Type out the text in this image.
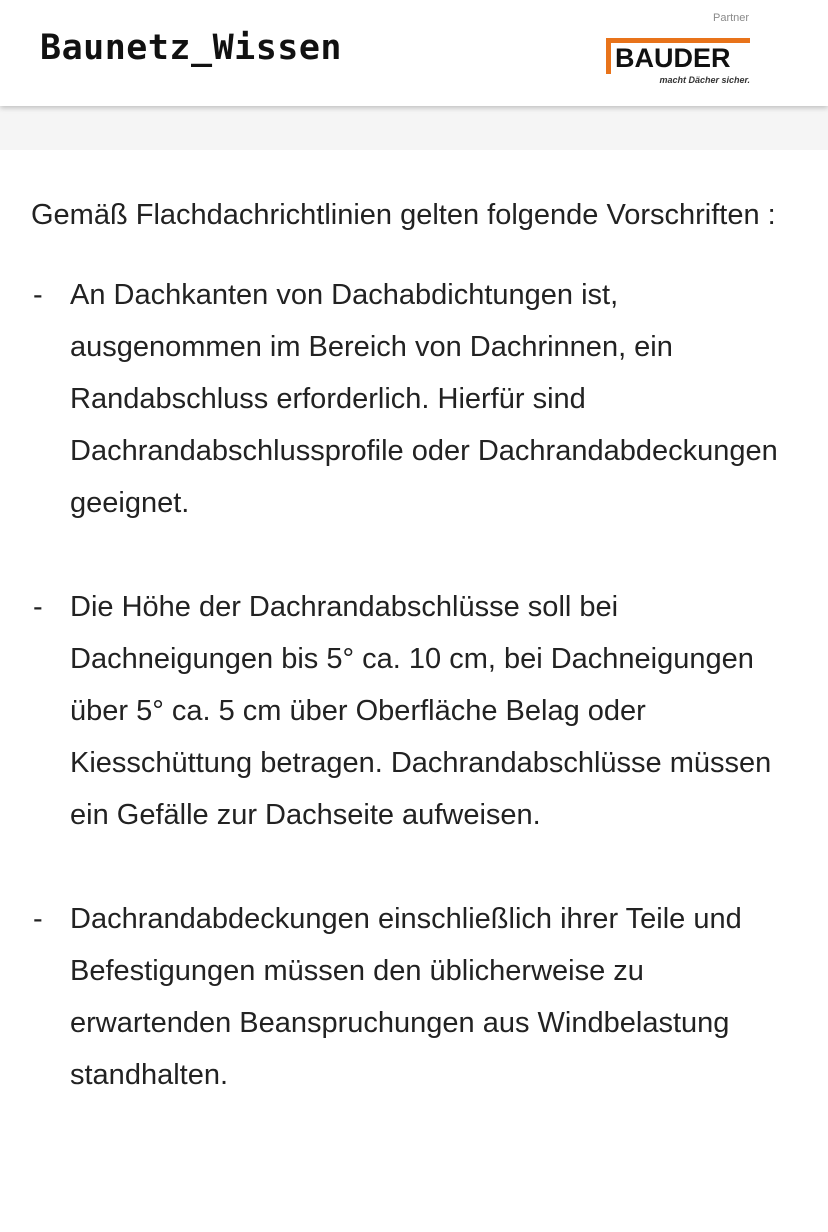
Baunetz_Wissen
Partner
BAUDER
macht Dächer sicher.

Gemäß Flachdachrichtlinien gelten folgende Vorschriften :

- An Dachkanten von Dachabdichtungen ist, ausgenommen im Bereich von Dachrinnen, ein Randabschluss erforderlich. Hierfür sind Dachrandabschlussprofile oder Dachrandabdeckungen geeignet.
- Die Höhe der Dachrandabschlüsse soll bei Dachneigungen bis 5° ca. 10 cm, bei Dachneigungen über 5° ca. 5 cm über Oberfläche Belag oder Kiesschüttung betragen. Dachrandabschlüsse müssen ein Gefälle zur Dachseite aufweisen.
- Dachrandabdeckungen einschließlich ihrer Teile und Befestigungen müssen den üblicherweise zu erwartenden Beanspruchungen aus Windbelastung standhalten.
